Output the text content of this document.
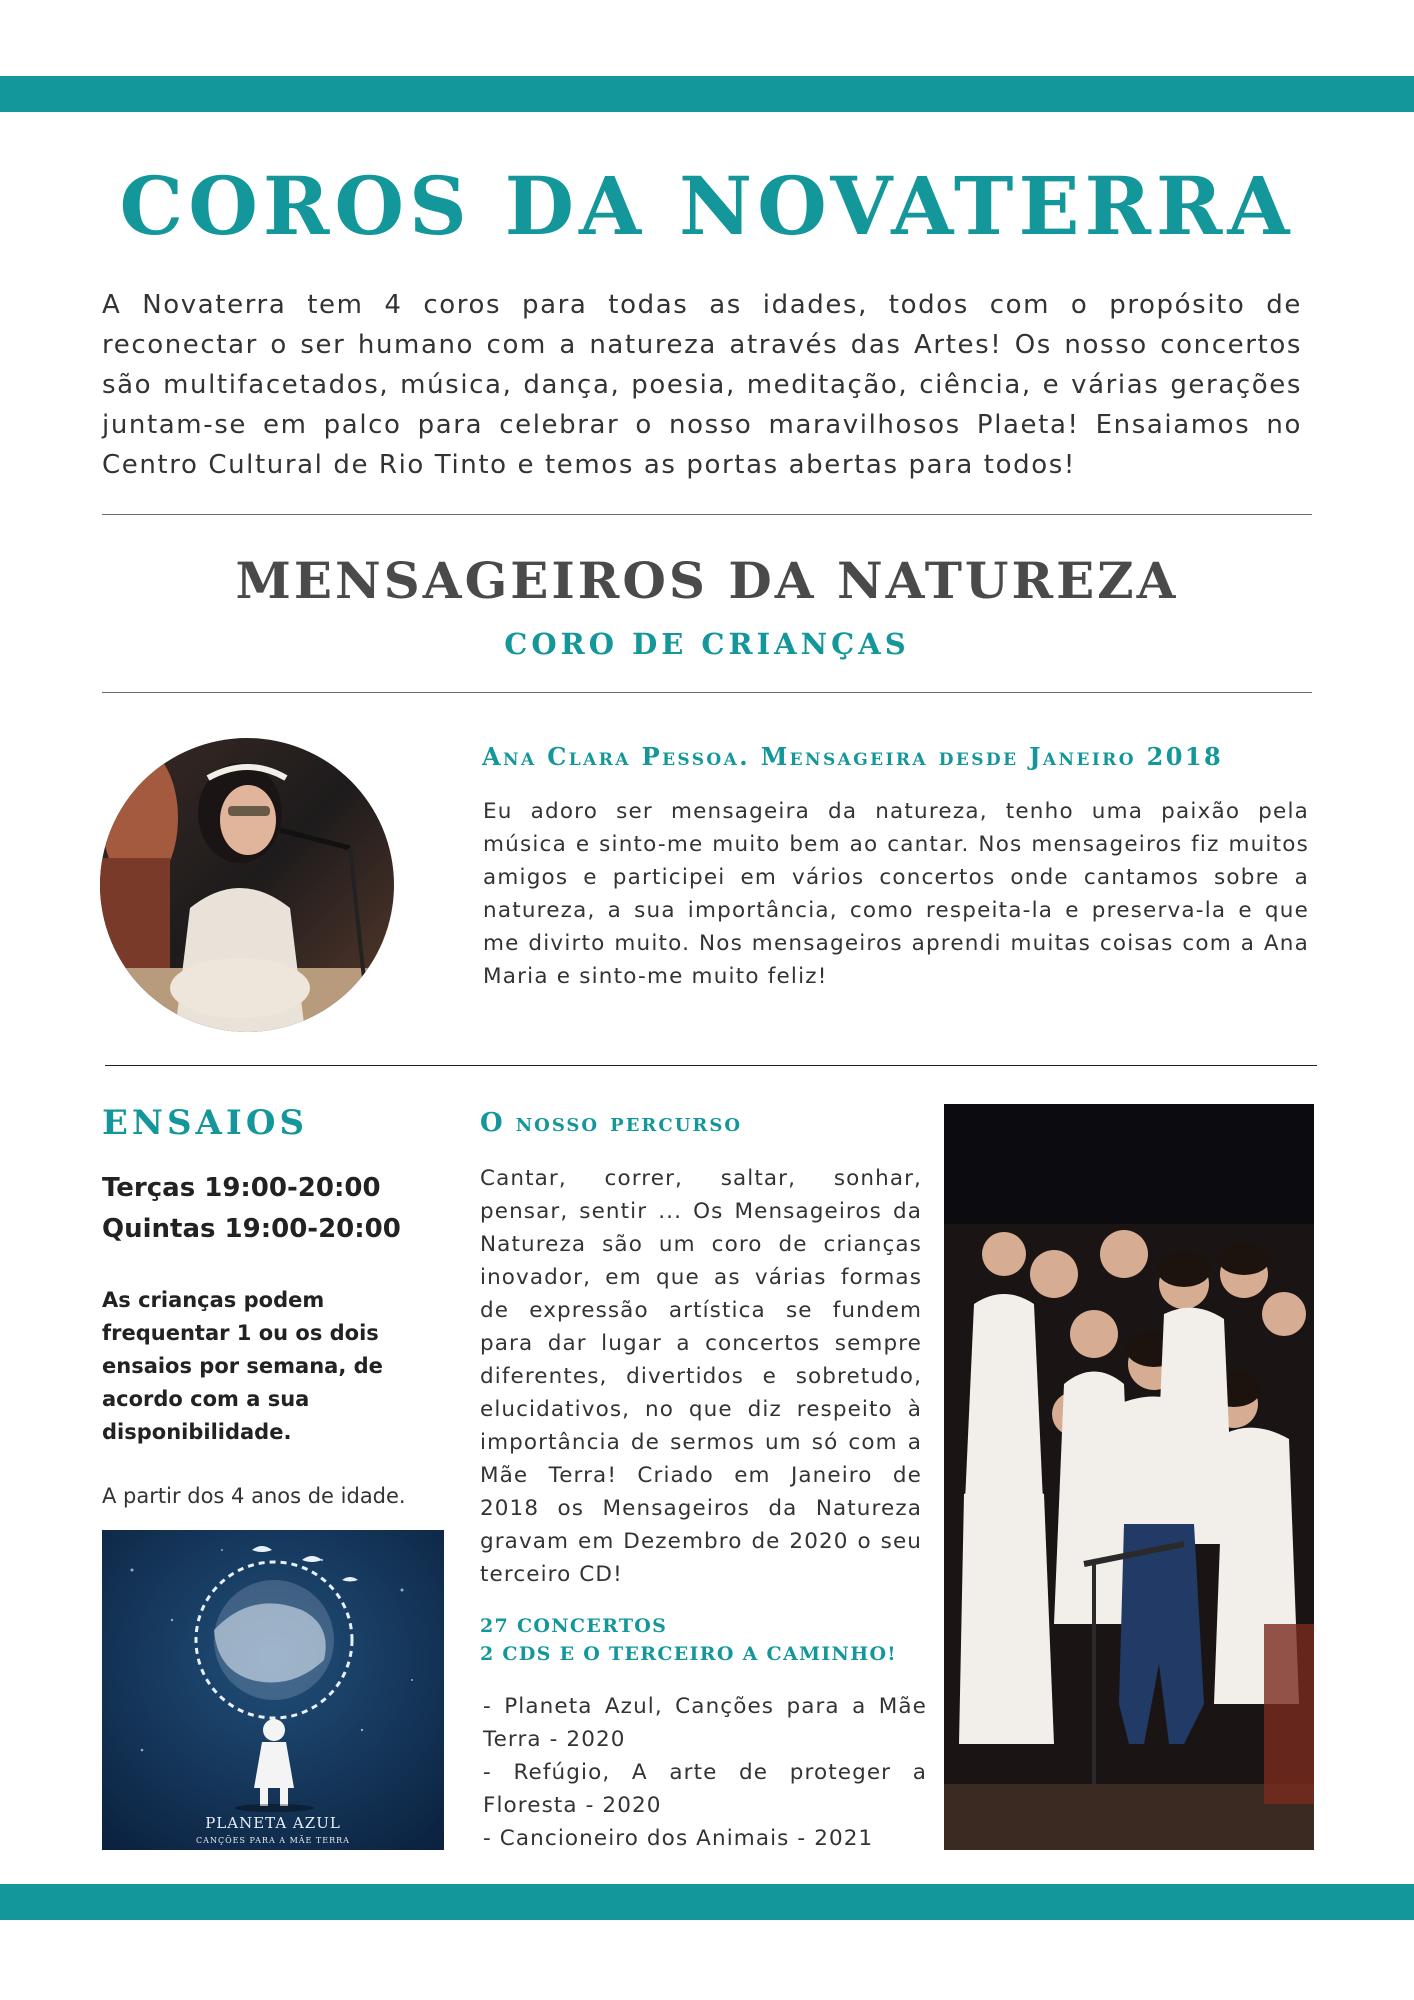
COROS DA NOVATERRA

A Novaterra tem 4 coros para todas as idades, todos com o propósito de reconectar o ser humano com a natureza através das Artes! Os nosso concertos são multifacetados, música, dança, poesia, meditação, ciência, e várias gerações juntam-se em palco para celebrar o nosso maravilhosos Plaeta! Ensaiamos no Centro Cultural de Rio Tinto e temos as portas abertas para todos!

MENSAGEIROS DA NATUREZA
CORO DE CRIANÇAS
Ana Clara Pessoa. Mensageira desde Janeiro 2018

Eu adoro ser mensageira da natureza, tenho uma paixão pela música e sinto-me muito bem ao cantar. Nos mensageiros fiz muitos amigos e participei em vários concertos onde cantamos sobre a natureza, a sua importância, como respeita-la e preserva-la e que me divirto muito. Nos mensageiros aprendi muitas coisas com a Ana Maria e sinto-me muito feliz!

ENSAIOS
Terças 19:00-20:00
Quintas 19:00-20:00

As crianças podem frequentar 1 ou os dois ensaios por semana, de acordo com a sua disponibilidade.

A partir dos 4 anos de idade.
PLANETA AZUL
CANÇÕES PARA A MÃE TERRA
O nosso percurso

Cantar, correr, saltar, sonhar, pensar, sentir ... Os Mensageiros da Natureza são um coro de crianças inovador, em que as várias formas de expressão artística se fundem para dar lugar a concertos sempre diferentes, divertidos e sobretudo, elucidativos, no que diz respeito à importância de sermos um só com a Mãe Terra! Criado em Janeiro de 2018 os Mensageiros da Natureza gravam em Dezembro de 2020 o seu terceiro CD!

27 CONCERTOS
2 CDS E O TERCEIRO A CAMINHO!
- Planeta Azul, Canções para a Mãe Terra - 2020
- Refúgio, A arte de proteger a Floresta - 2020
- Cancioneiro dos Animais - 2021
